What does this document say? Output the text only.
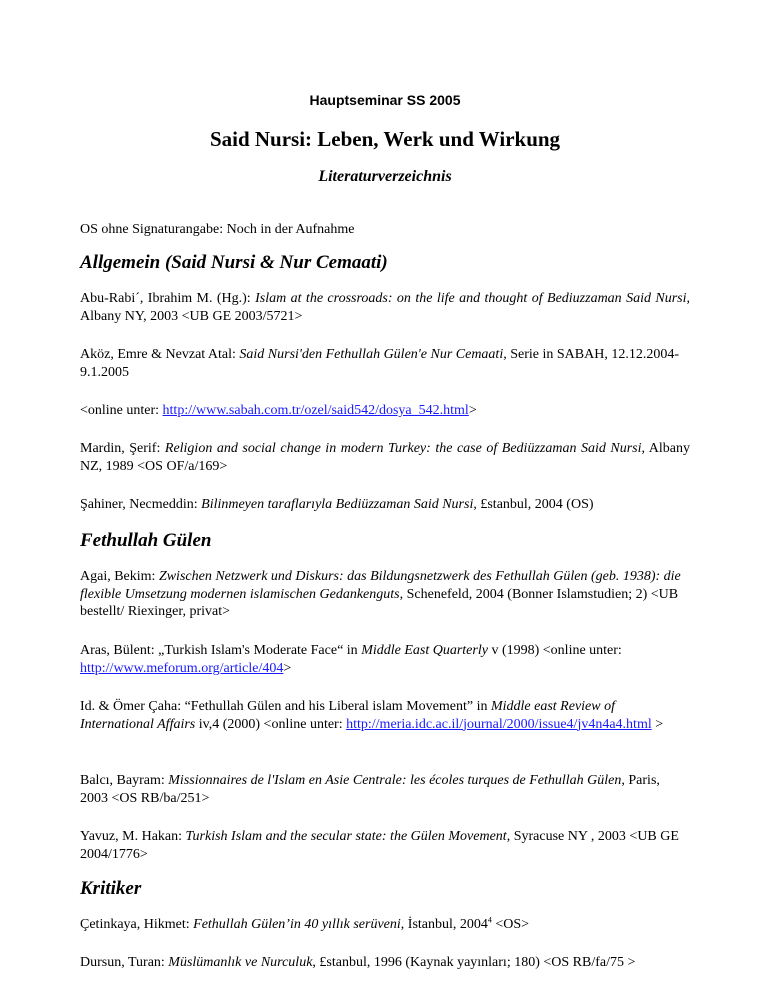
Hauptseminar SS 2005
Said Nursi: Leben, Werk und Wirkung
Literaturverzeichnis
OS ohne Signaturangabe: Noch in der Aufnahme
Allgemein (Said Nursi & Nur Cemaati)
Abu-Rabi´, Ibrahim M. (Hg.): Islam at the crossroads: on the life and thought of Bediuzzaman Said Nursi, Albany NY, 2003 <UB GE 2003/5721>
Aköz, Emre & Nevzat Atal: Said Nursi'den Fethullah Gülen'e Nur Cemaati, Serie in SABAH, 12.12.2004-9.1.2005
<online unter: http://www.sabah.com.tr/ozel/said542/dosya_542.html>
Mardin, Şerif: Religion and social change in modern Turkey: the case of Bediüzzaman Said Nursi, Albany NZ, 1989 <OS OF/a/169>
Şahiner, Necmeddin: Bilinmeyen taraflarıyla Bediüzzaman Said Nursi, £stanbul, 2004 (OS)
Fethullah Gülen
Agai, Bekim: Zwischen Netzwerk und Diskurs: das Bildungsnetzwerk des Fethullah Gülen (geb. 1938): die flexible Umsetzung modernen islamischen Gedankenguts, Schenefeld, 2004 (Bonner Islamstudien; 2) <UB bestellt/ Riexinger, privat>
Aras, Bülent: „Turkish Islam's Moderate Face“ in Middle East Quarterly v (1998) <online unter: http://www.meforum.org/article/404>
Id. & Ömer Çaha: “Fethullah Gülen and his Liberal islam Movement” in Middle east Review of International Affairs iv,4 (2000) <online unter: http://meria.idc.ac.il/journal/2000/issue4/jv4n4a4.html >
Balcı, Bayram: Missionnaires de l'Islam en Asie Centrale: les écoles turques de Fethullah Gülen, Paris, 2003 <OS RB/ba/251>
Yavuz, M. Hakan: Turkish Islam and the secular state: the Gülen Movement, Syracuse NY , 2003 <UB GE 2004/1776>
Kritiker
Çetinkaya, Hikmet: Fethullah Gülen’in 40 yıllık serüveni, İstanbul, $2004^4 <OS>$
Dursun, Turan: Müslümanlık ve Nurculuk, £stanbul, 1996 (Kaynak yayınları; 180) <OS RB/fa/75 >
